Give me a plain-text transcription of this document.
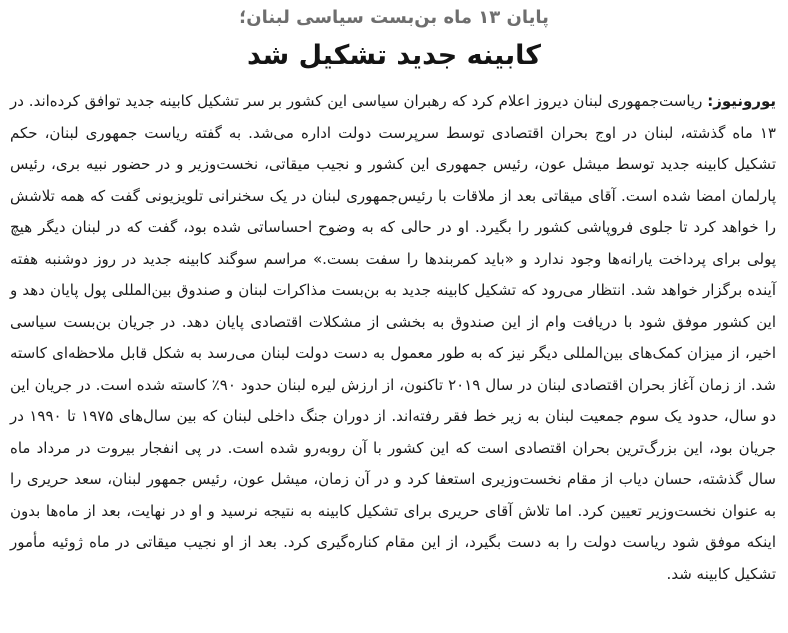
پایان ۱۳ ماه بن‌بست سیاسی لبنان؛
کابینه جدید تشکیل شد
یورونیوز: ریاست‌جمهوری لبنان دیروز اعلام کرد که رهبران سیاسی این کشور بر سر تشکیل کابینه جدید توافق کرده‌اند. در ۱۳ ماه گذشته، لبنان در اوج بحران اقتصادی توسط سرپرست دولت اداره می‌شد. به گفته ریاست جمهوری لبنان، حکم تشکیل کابینه جدید توسط میشل عون، رئیس جمهوری این کشور و نجیب میقاتی، نخست‌وزیر و در حضور نبیه بری، رئیس پارلمان امضا شده است. آقای میقاتی بعد از ملاقات با رئیس‌جمهوری لبنان در یک سخنرانی تلویزیونی گفت که همه تلاشش را خواهد کرد تا جلوی فروپاشی کشور را بگیرد. او در حالی که به وضوح احساساتی شده بود، گفت که در لبنان دیگر هیچ پولی برای پرداخت یارانه‌ها وجود ندارد و «باید کمربندها را سفت بست.» مراسم سوگند کابینه جدید در روز دوشنبه هفته آینده برگزار خواهد شد. انتظار می‌رود که تشکیل کابینه جدید به بن‌بست مذاکرات لبنان و صندوق بین‌المللی پول پایان دهد و این کشور موفق شود با دریافت وام از این صندوق به بخشی از مشکلات اقتصادی پایان دهد. در جریان بن‌بست سیاسی اخیر، از میزان کمک‌های بین‌المللی دیگر نیز که به طور معمول به دست دولت لبنان می‌رسد به شکل قابل ملاحظه‌ای کاسته شد. از زمان آغاز بحران اقتصادی لبنان در سال ۲۰۱۹ تاکنون، از ارزش لیره لبنان حدود ۹۰٪ کاسته شده است. در جریان این دو سال، حدود یک سوم جمعیت لبنان به زیر خط فقر رفته‌اند. از دوران جنگ داخلی لبنان که بین سال‌های ۱۹۷۵ تا ۱۹۹۰ در جریان بود، این بزرگ‌ترین بحران اقتصادی است که این کشور با آن روبه‌رو شده است. در پی انفجار بیروت در مرداد ماه سال گذشته، حسان دیاب از مقام نخست‌وزیری استعفا کرد و در آن زمان، میشل عون، رئیس جمهور لبنان، سعد حریری را به عنوان نخست‌وزیر تعیین کرد. اما تلاش آقای حریری برای تشکیل کابینه به نتیجه نرسید و او در نهایت، بعد از ماه‌ها بدون اینکه موفق شود ریاست دولت را به دست بگیرد، از این مقام کناره‌گیری کرد. بعد از او نجیب میقاتی در ماه ژوئیه مأمور تشکیل کابینه شد.
